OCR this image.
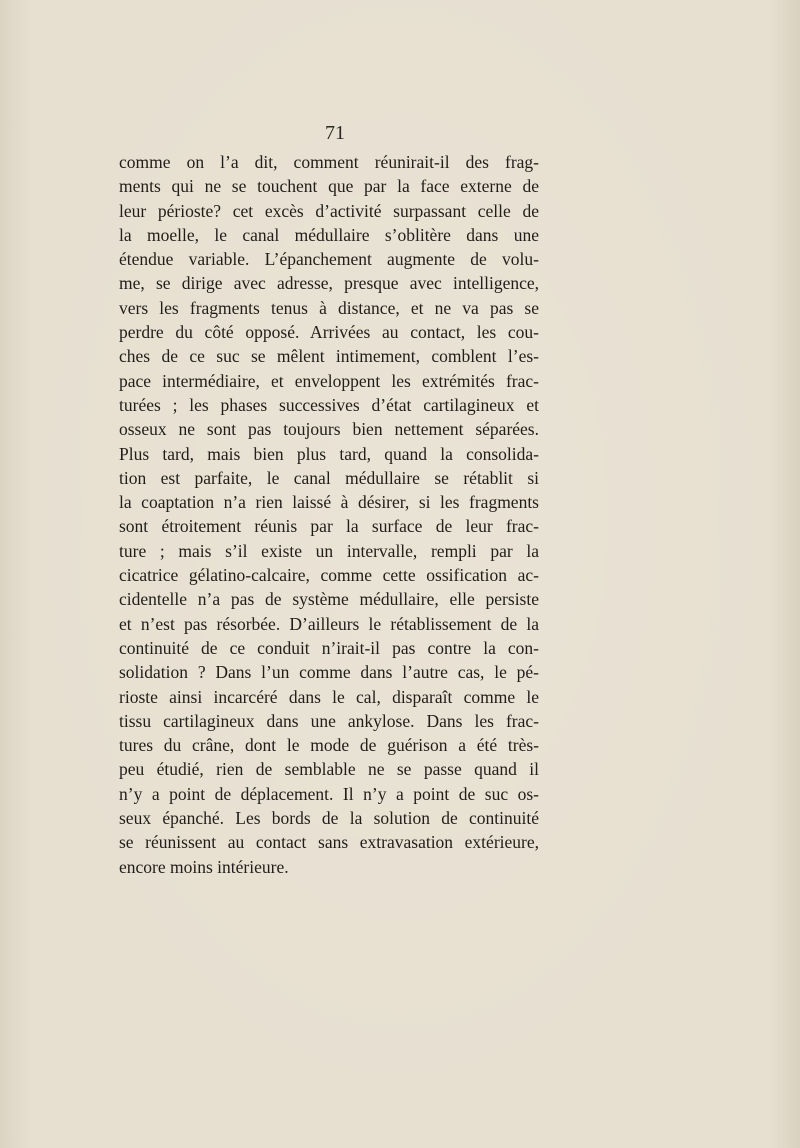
71
comme on l’a dit, comment réunirait-il des frag-
ments qui ne se touchent que par la face externe de
leur périoste? cet excès d’activité surpassant celle de
la moelle, le canal médullaire s’oblitère dans une
étendue variable. L’épanchement augmente de volu-
me, se dirige avec adresse, presque avec intelligence,
vers les fragments tenus à distance, et ne va pas se
perdre du côté opposé. Arrivées au contact, les cou-
ches de ce suc se mêlent intimement, comblent l’es-
pace intermédiaire, et enveloppent les extrémités frac-
turées ; les phases successives d’état cartilagineux et
osseux ne sont pas toujours bien nettement séparées.
Plus tard, mais bien plus tard, quand la consolida-
tion est parfaite, le canal médullaire se rétablit si
la coaptation n’a rien laissé à désirer, si les fragments
sont étroitement réunis par la surface de leur frac-
ture ; mais s’il existe un intervalle, rempli par la
cicatrice gélatino-calcaire, comme cette ossification ac-
cidentelle n’a pas de système médullaire, elle persiste
et n’est pas résorbée. D’ailleurs le rétablissement de la
continuité de ce conduit n’irait-il pas contre la con-
solidation ? Dans l’un comme dans l’autre cas, le pé-
rioste ainsi incarcéré dans le cal, disparaît comme le
tissu cartilagineux dans une ankylose. Dans les frac-
tures du crâne, dont le mode de guérison a été très-
peu étudié, rien de semblable ne se passe quand il
n’y a point de déplacement. Il n’y a point de suc os-
seux épanché. Les bords de la solution de continuité
se réunissent au contact sans extravasation extérieure,
encore moins intérieure.
